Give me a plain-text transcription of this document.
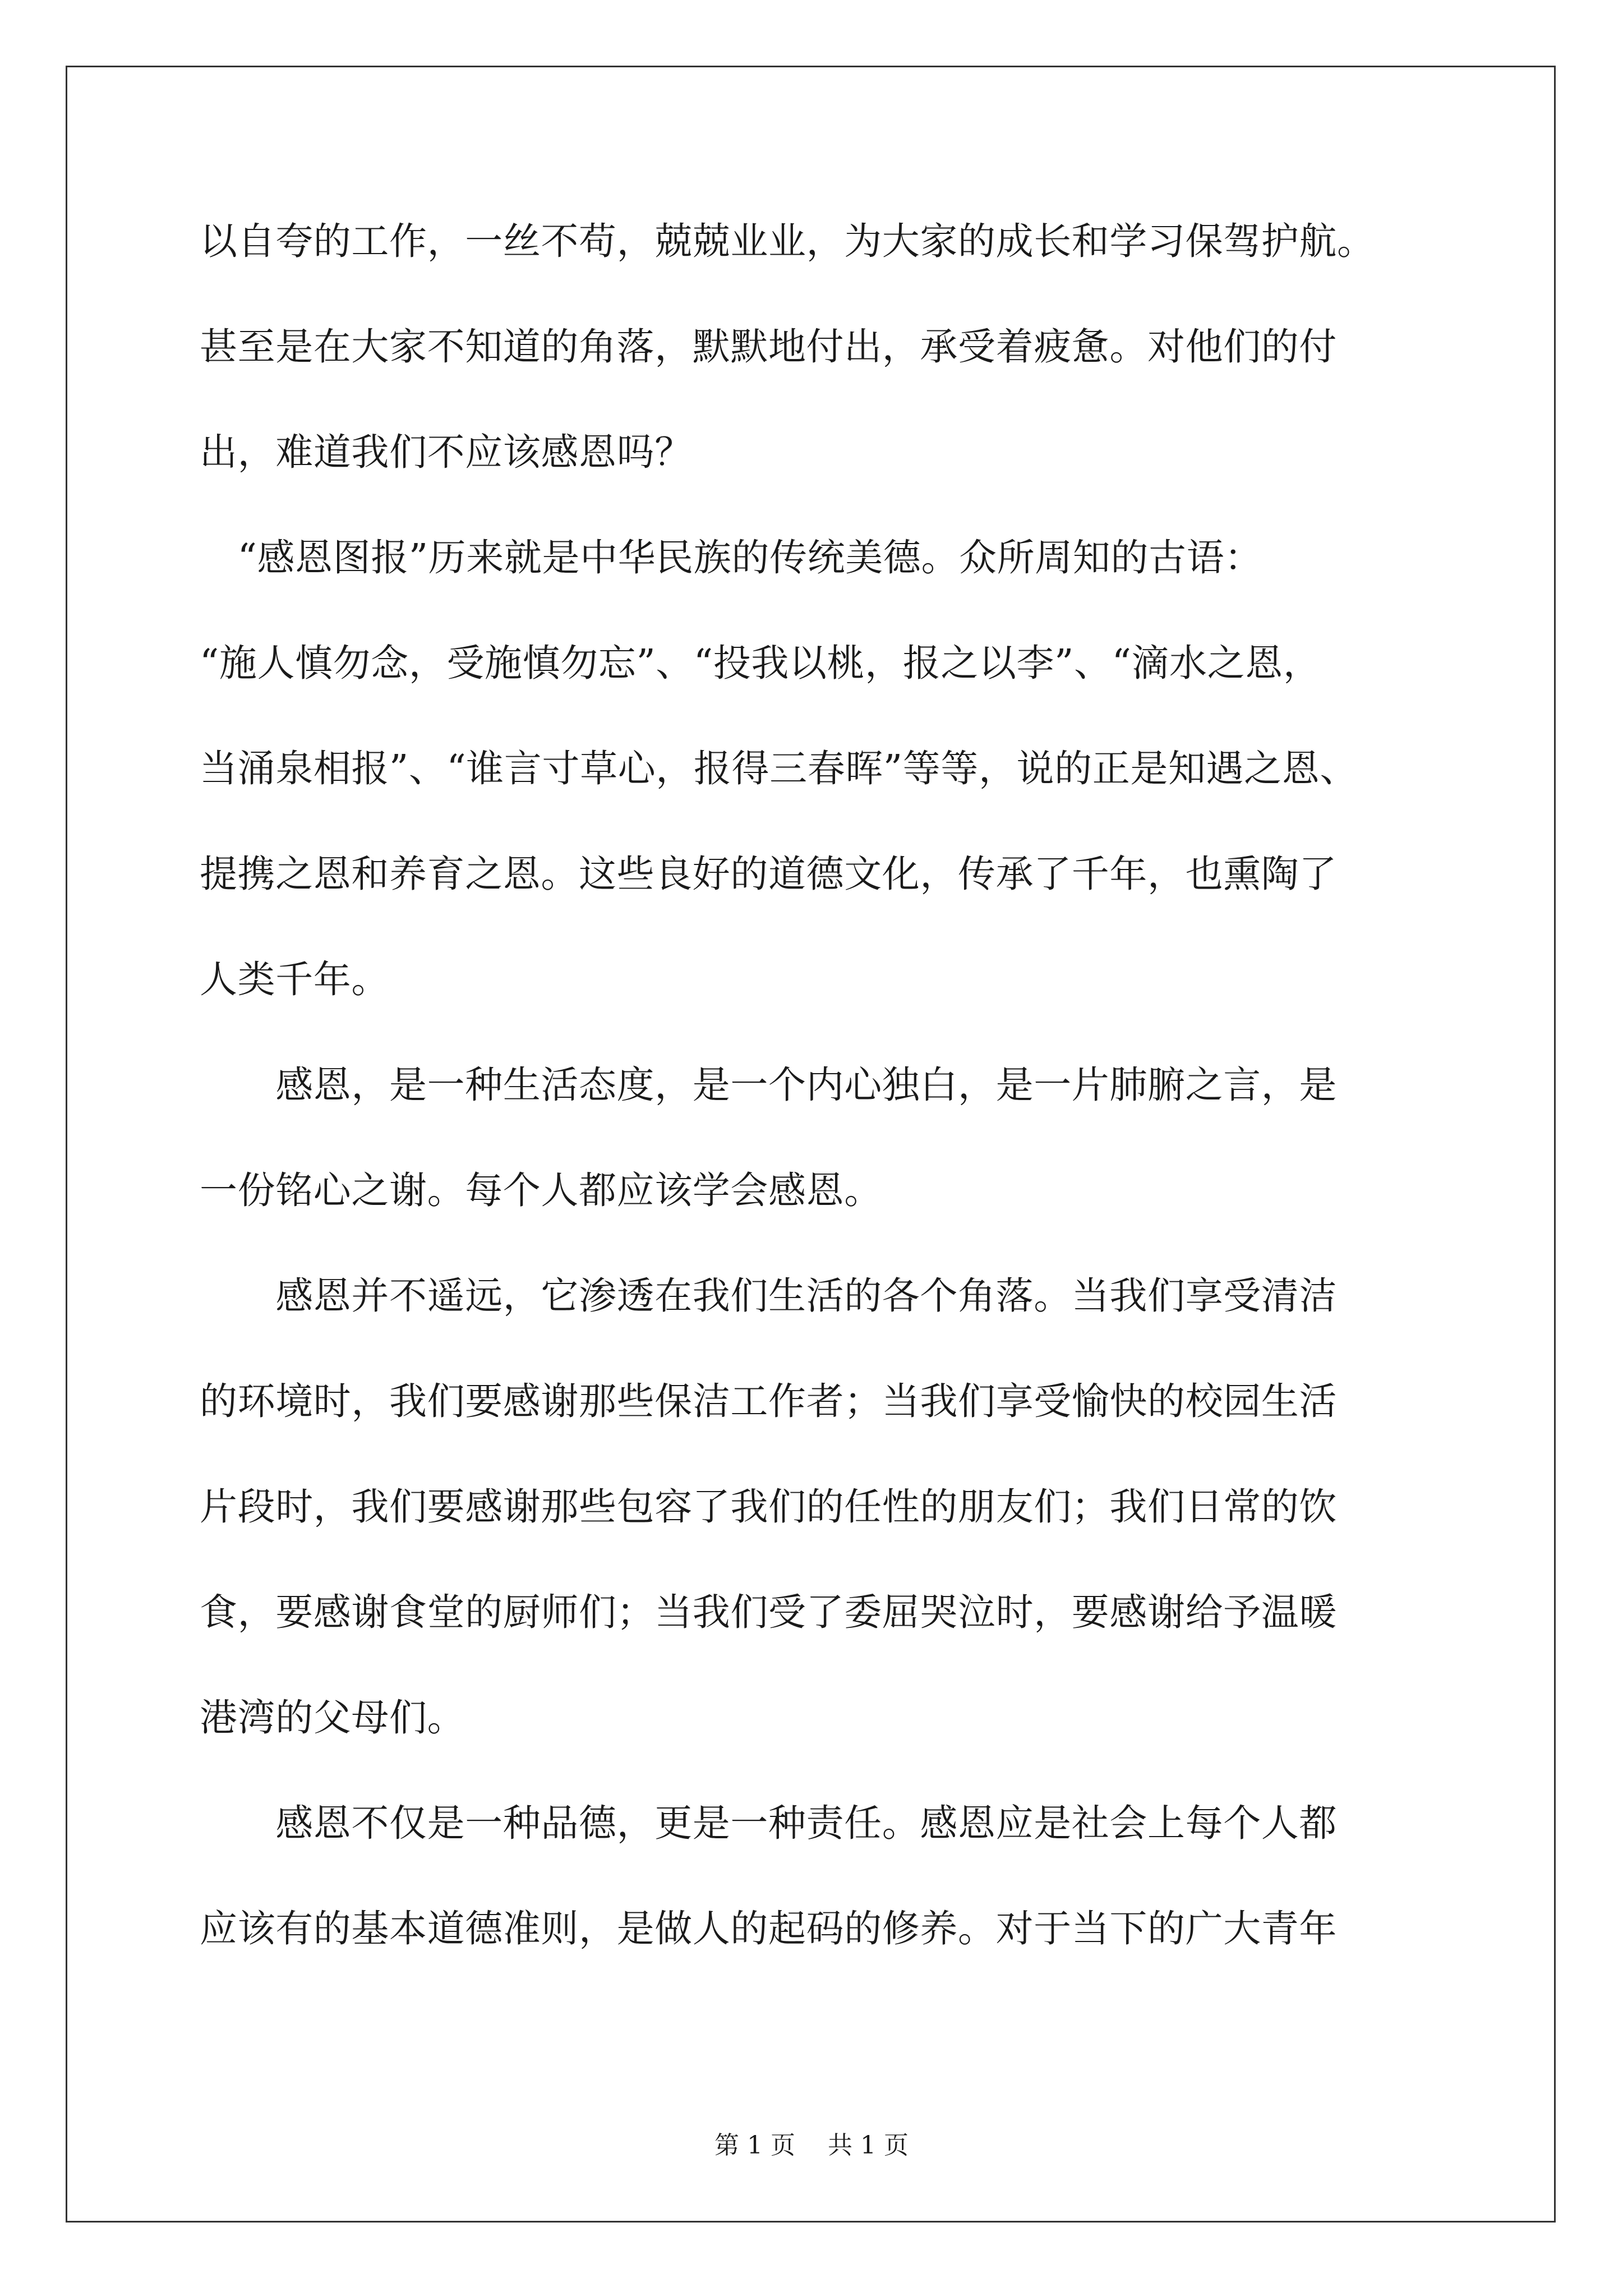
以自夸的工作，一丝不苟，兢兢业业，为大家的成长和学习保驾护航。
甚至是在大家不知道的角落，默默地付出，承受着疲惫。对他们的付
出，难道我们不应该感恩吗？
　“感恩图报”历来就是中华民族的传统美德。众所周知的古语：
“施人慎勿念，受施慎勿忘”、“投我以桃，报之以李”、“滴水之恩，
当涌泉相报”、“谁言寸草心，报得三春晖”等等，说的正是知遇之恩、
提携之恩和养育之恩。这些良好的道德文化，传承了千年，也熏陶了
人类千年。
　　感恩，是一种生活态度，是一个内心独白，是一片肺腑之言，是
一份铭心之谢。每个人都应该学会感恩。
　　感恩并不遥远，它渗透在我们生活的各个角落。当我们享受清洁
的环境时，我们要感谢那些保洁工作者；当我们享受愉快的校园生活
片段时，我们要感谢那些包容了我们的任性的朋友们；我们日常的饮
食，要感谢食堂的厨师们；当我们受了委屈哭泣时，要感谢给予温暖
港湾的父母们。
　　感恩不仅是一种品德，更是一种责任。感恩应是社会上每个人都
应该有的基本道德准则，是做人的起码的修养。对于当下的广大青年
第 1 页　 共 1 页
